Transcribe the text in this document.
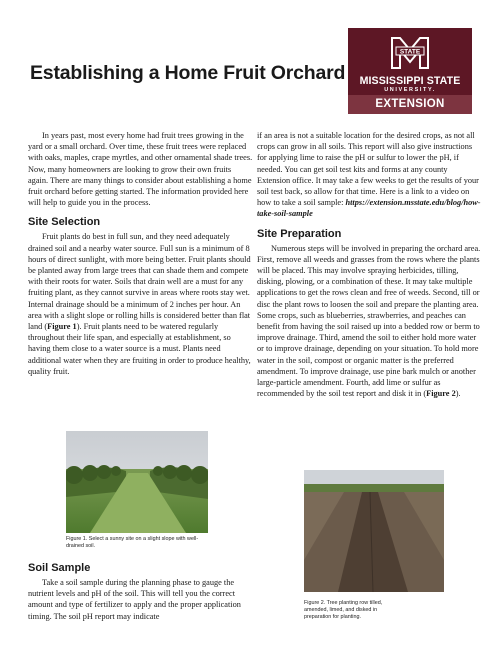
Establishing a Home Fruit Orchard
STATE
MISSISSIPPI STATE
UNIVERSITY.
EXTENSION

In years past, most every home had fruit trees growing in the yard or a small orchard. Over time, these fruit trees were replaced with oaks, maples, crape myrtles, and other ornamental shade trees. Now, many homeowners are looking to grow their own fruits again. There are many things to consider about establishing a home fruit orchard before getting started. The information provided here will help to guide you in the process.

Site Selection

Fruit plants do best in full sun, and they need adequately drained soil and a nearby water source. Full sun is a minimum of 8 hours of direct sunlight, with more being better. Fruit plants should be planted away from large trees that can shade them and compete with their roots for water. Soils that drain well are a must for any fruiting plant, as they cannot survive in areas where roots stay wet. Internal drainage should be a minimum of 2 inches per hour. An area with a slight slope or rolling hills is considered better than flat land (Figure 1). Fruit plants need to be watered regularly throughout their life span, and especially at establishment, so having them close to a water source is a must. Plants need additional water when they are fruiting in order to produce healthy, quality fruit.

Figure 1. Select a sunny site on a slight slope with well-drained soil.
Soil Sample

Take a soil sample during the planning phase to gauge the nutrient levels and pH of the soil. This will tell you the correct amount and type of fertilizer to apply and the proper application timing. The soil pH report may indicate

if an area is not a suitable location for the desired crops, as not all crops can grow in all soils. This report will also give instructions for applying lime to raise the pH or sulfur to lower the pH, if needed. You can get soil test kits and forms at any county Extension office. It may take a few weeks to get the results of your soil test back, so allow for that time. Here is a link to a video on how to take a soil sample: https://extension.msstate.edu/blog/how-take-soil-sample

Site Preparation

Numerous steps will be involved in preparing the orchard area. First, remove all weeds and grasses from the rows where the plants will be placed. This may involve spraying herbicides, tilling, disking, plowing, or a combination of these. It may take multiple applications to get the rows clean and free of weeds. Second, till or disc the plant rows to loosen the soil and prepare the planting area. Some crops, such as blueberries, strawberries, and peaches can benefit from having the soil raised up into a bedded row or berm to improve drainage. Third, amend the soil to either hold more water or to improve drainage, depending on your situation. To hold more water in the soil, compost or organic matter is the preferred amendment. To improve drainage, use pine bark mulch or another large-particle amendment. Fourth, add lime or sulfur as recommended by the soil test report and disk it in (Figure 2).

Figure 2. Tree planting row tilled, amended, limed, and disked in preparation for planting.
